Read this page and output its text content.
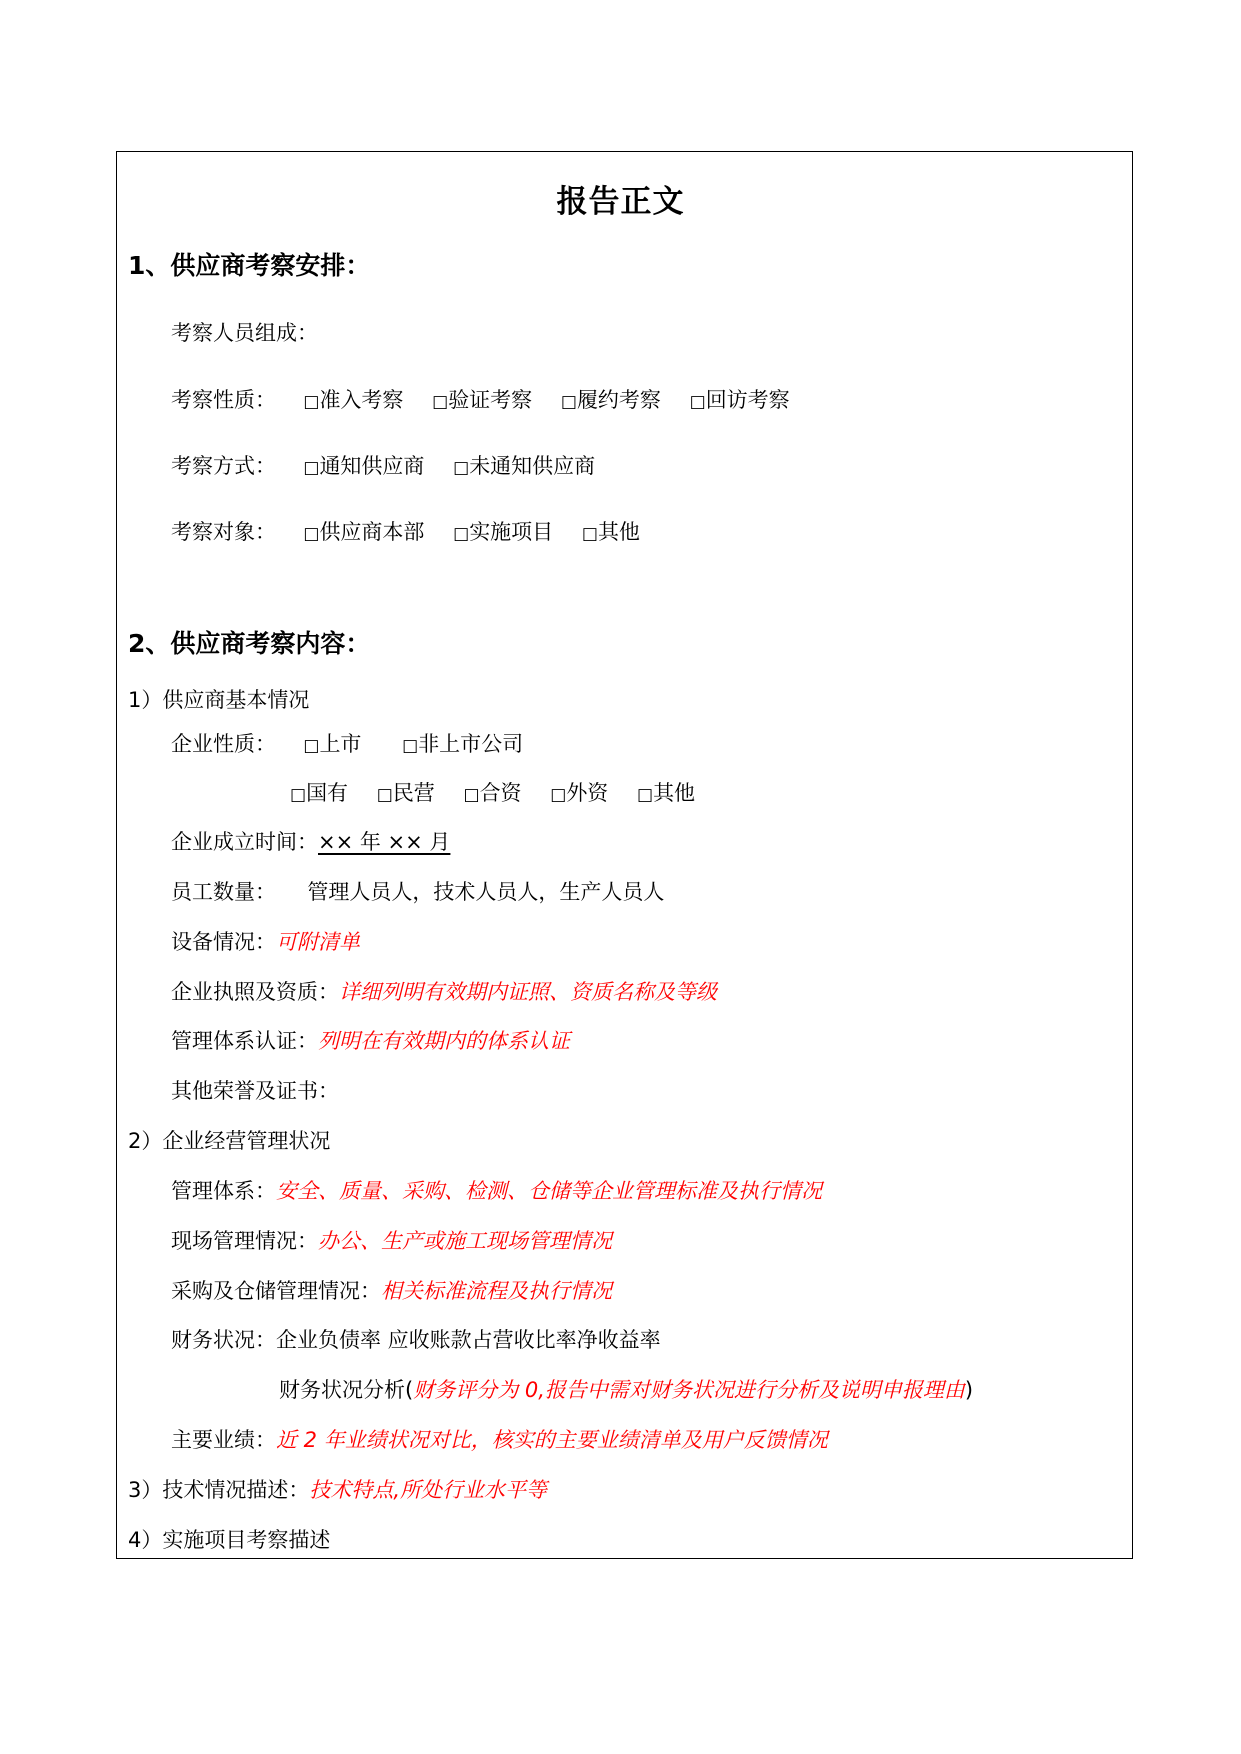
报告正文
1、供应商考察安排：
考察人员组成：
考察性质： □准入考察 □验证考察 □履约考察 □回访考察
考察方式： □通知供应商 □未通知供应商
考察对象： □供应商本部 □实施项目 □其他
2、供应商考察内容：
1）供应商基本情况
企业性质： □上市 □非上市公司
□国有 □民营 □合资 □外资 □其他
企业成立时间：×× 年 ×× 月
员工数量： 管理人员人，技术人员人，生产人员人
设备情况：可附清单
企业执照及资质：详细列明有效期内证照、资质名称及等级
管理体系认证：列明在有效期内的体系认证
其他荣誉及证书：
2）企业经营管理状况
管理体系：安全、质量、采购、检测、仓储等企业管理标准及执行情况
现场管理情况：办公、生产或施工现场管理情况
采购及仓储管理情况：相关标准流程及执行情况
财务状况：企业负债率 应收账款占营收比率净收益率
财务状况分析(财务评分为 0,报告中需对财务状况进行分析及说明申报理由)
主要业绩：近 2 年业绩状况对比，核实的主要业绩清单及用户反馈情况
3）技术情况描述：技术特点,所处行业水平等
4）实施项目考察描述
